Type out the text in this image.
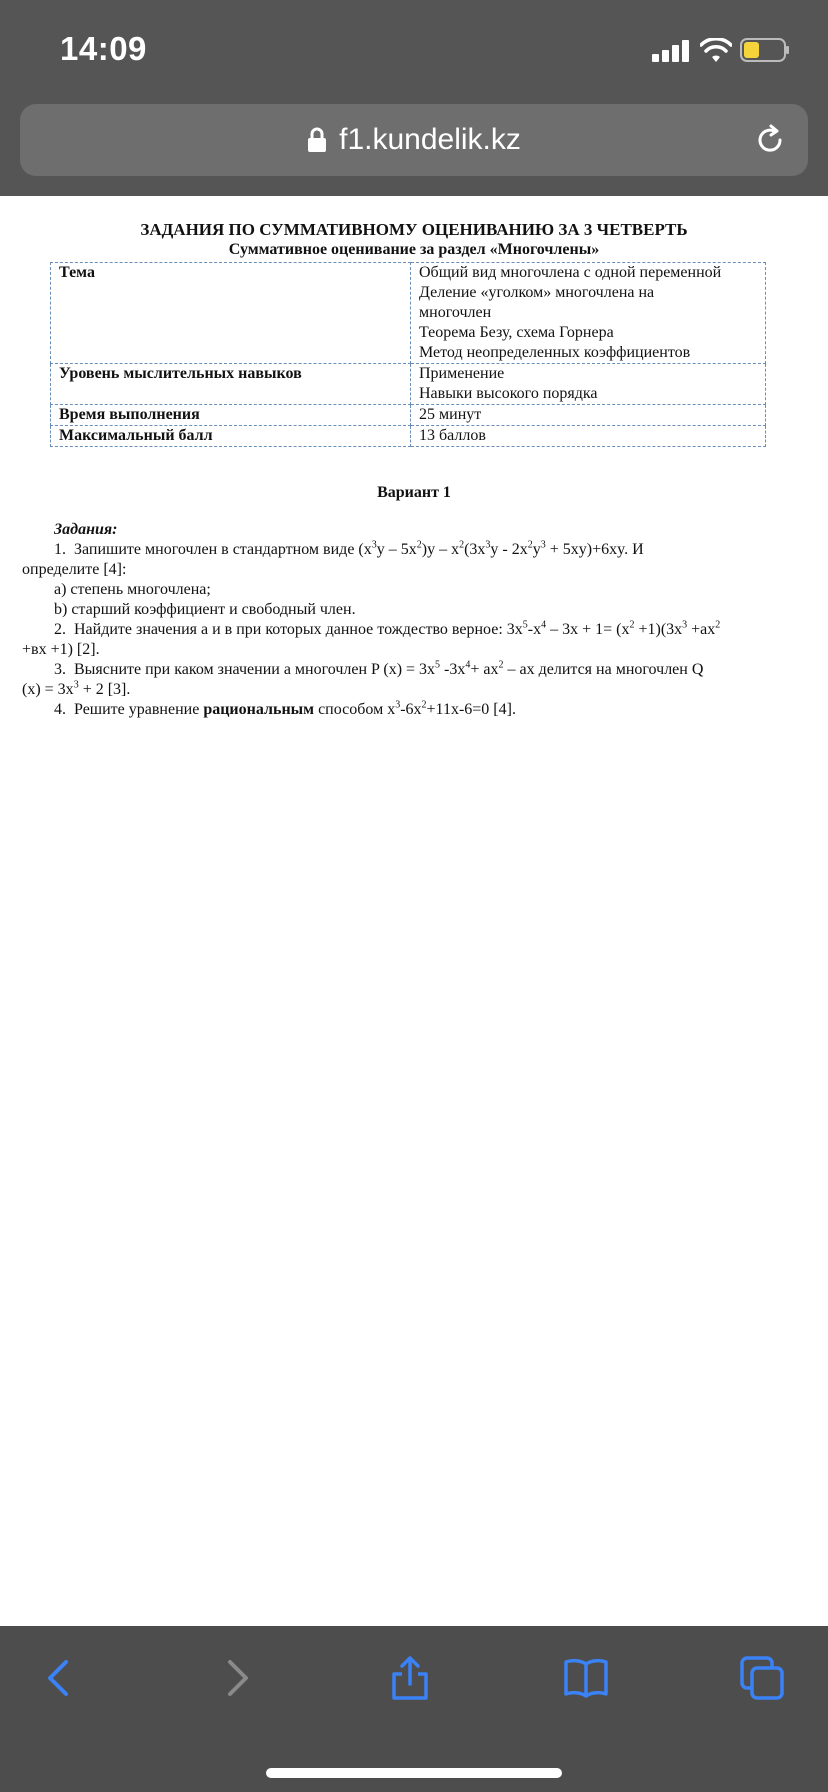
14:09
f1.kundelik.kz
ЗАДАНИЯ ПО СУММАТИВНОМУ ОЦЕНИВАНИЮ ЗА 3 ЧЕТВЕРТЬ
Суммативное оценивание за раздел «Многочлены»
Тема	Общий вид многочлена с одной переменной
Деление «уголком» многочлена на
многочлен
Теорема Безу, схема Горнера
Метод неопределенных коэффициентов

Уровень мыслительных навыков	Применение
Навыки высокого порядка

Время выполнения	25 минут
Максимальный балл	13 баллов
Вариант 1
Задания:
1. Запишите многочлен в стандартном виде $(x^3y - 5x^2)y - x^2(3x^3y - 2x^2y^3 + 5xy)+6xy$. И
определите [4]:
a) степень многочлена;
b) старший коэффициент и свободный член.
2. Найдите значения а и в при которых данное тождество верное: $3x^5-x^4 - 3x + 1= (x^2 +1)(3x^3 +ax^2$
+вx +1) [2].
3. Выясните при каком значении а многочлен P $(x) = 3x^5$ $-3x^4+ ax^2$ – ax делится на многочлен Q
$(x) = 3x^3 + 2$ [3].
4. Решите уравнение рациональным способом $x^3-6x^2+11x-6=0$ [4].
